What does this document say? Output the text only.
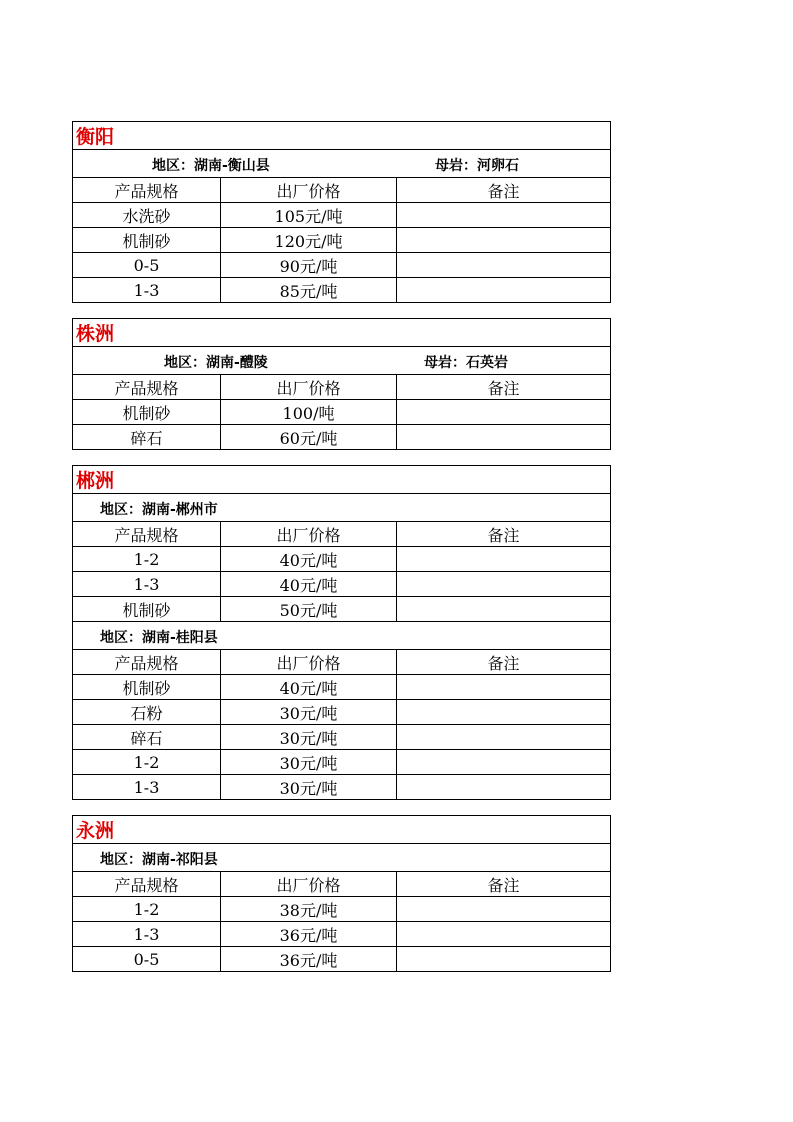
衡阳		

地区：湖南-衡山县 母岩：河卵石		

产品规格	出厂价格	备注
水洗砂	105元/吨	
机制砂	120元/吨	
0-5	90元/吨	
1-3	85元/吨	
株洲		

地区：湖南-醴陵 母岩：石英岩		

产品规格	出厂价格	备注
机制砂	100/吨	
碎石	60元/吨	
郴洲		

地区：湖南-郴州市		

产品规格	出厂价格	备注
1-2	40元/吨	
1-3	40元/吨	
机制砂	50元/吨	

地区：湖南-桂阳县		

产品规格	出厂价格	备注
机制砂	40元/吨	
石粉	30元/吨	
碎石	30元/吨	
1-2	30元/吨	
1-3	30元/吨	
永洲		

地区：湖南-祁阳县		

产品规格	出厂价格	备注
1-2	38元/吨	
1-3	36元/吨	
0-5	36元/吨	
